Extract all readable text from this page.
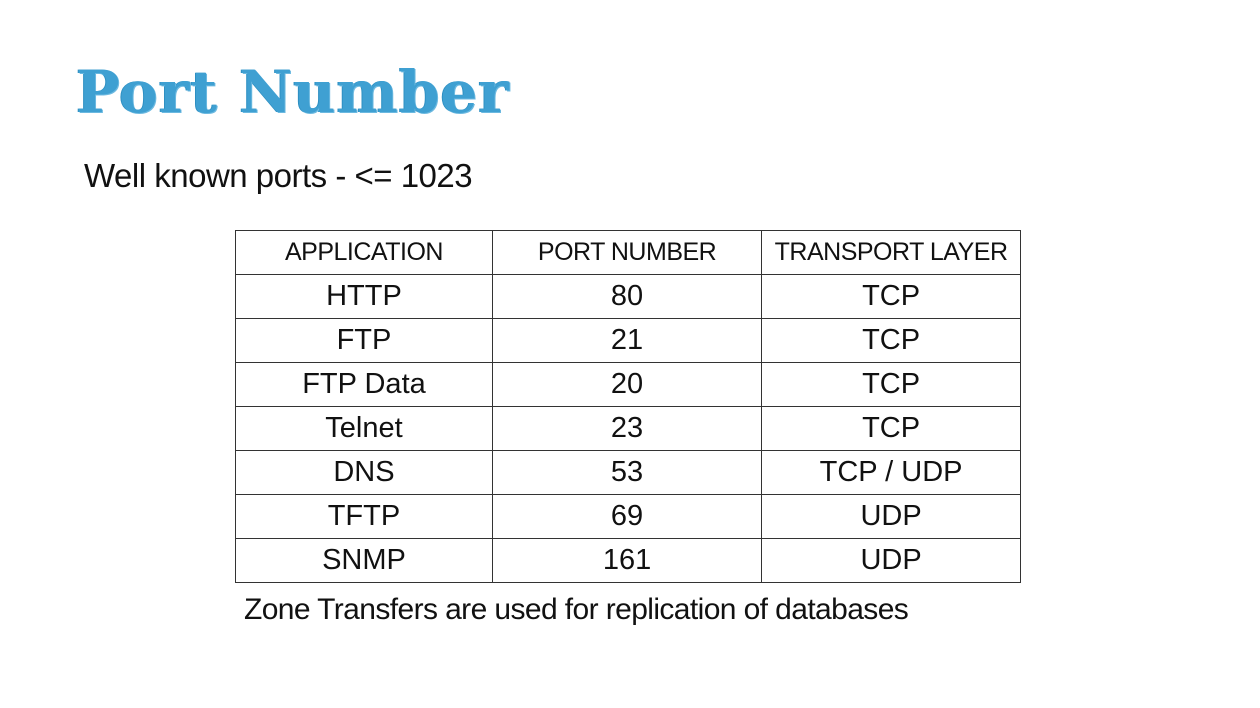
Port Number
Well known ports - <= 1023
APPLICATION	PORT NUMBER	TRANSPORT LAYER
HTTP	80	TCP
FTP	21	TCP
FTP Data	20	TCP
Telnet	23	TCP
DNS	53	TCP / UDP
TFTP	69	UDP
SNMP	161	UDP
Zone Transfers are used for replication of databases
